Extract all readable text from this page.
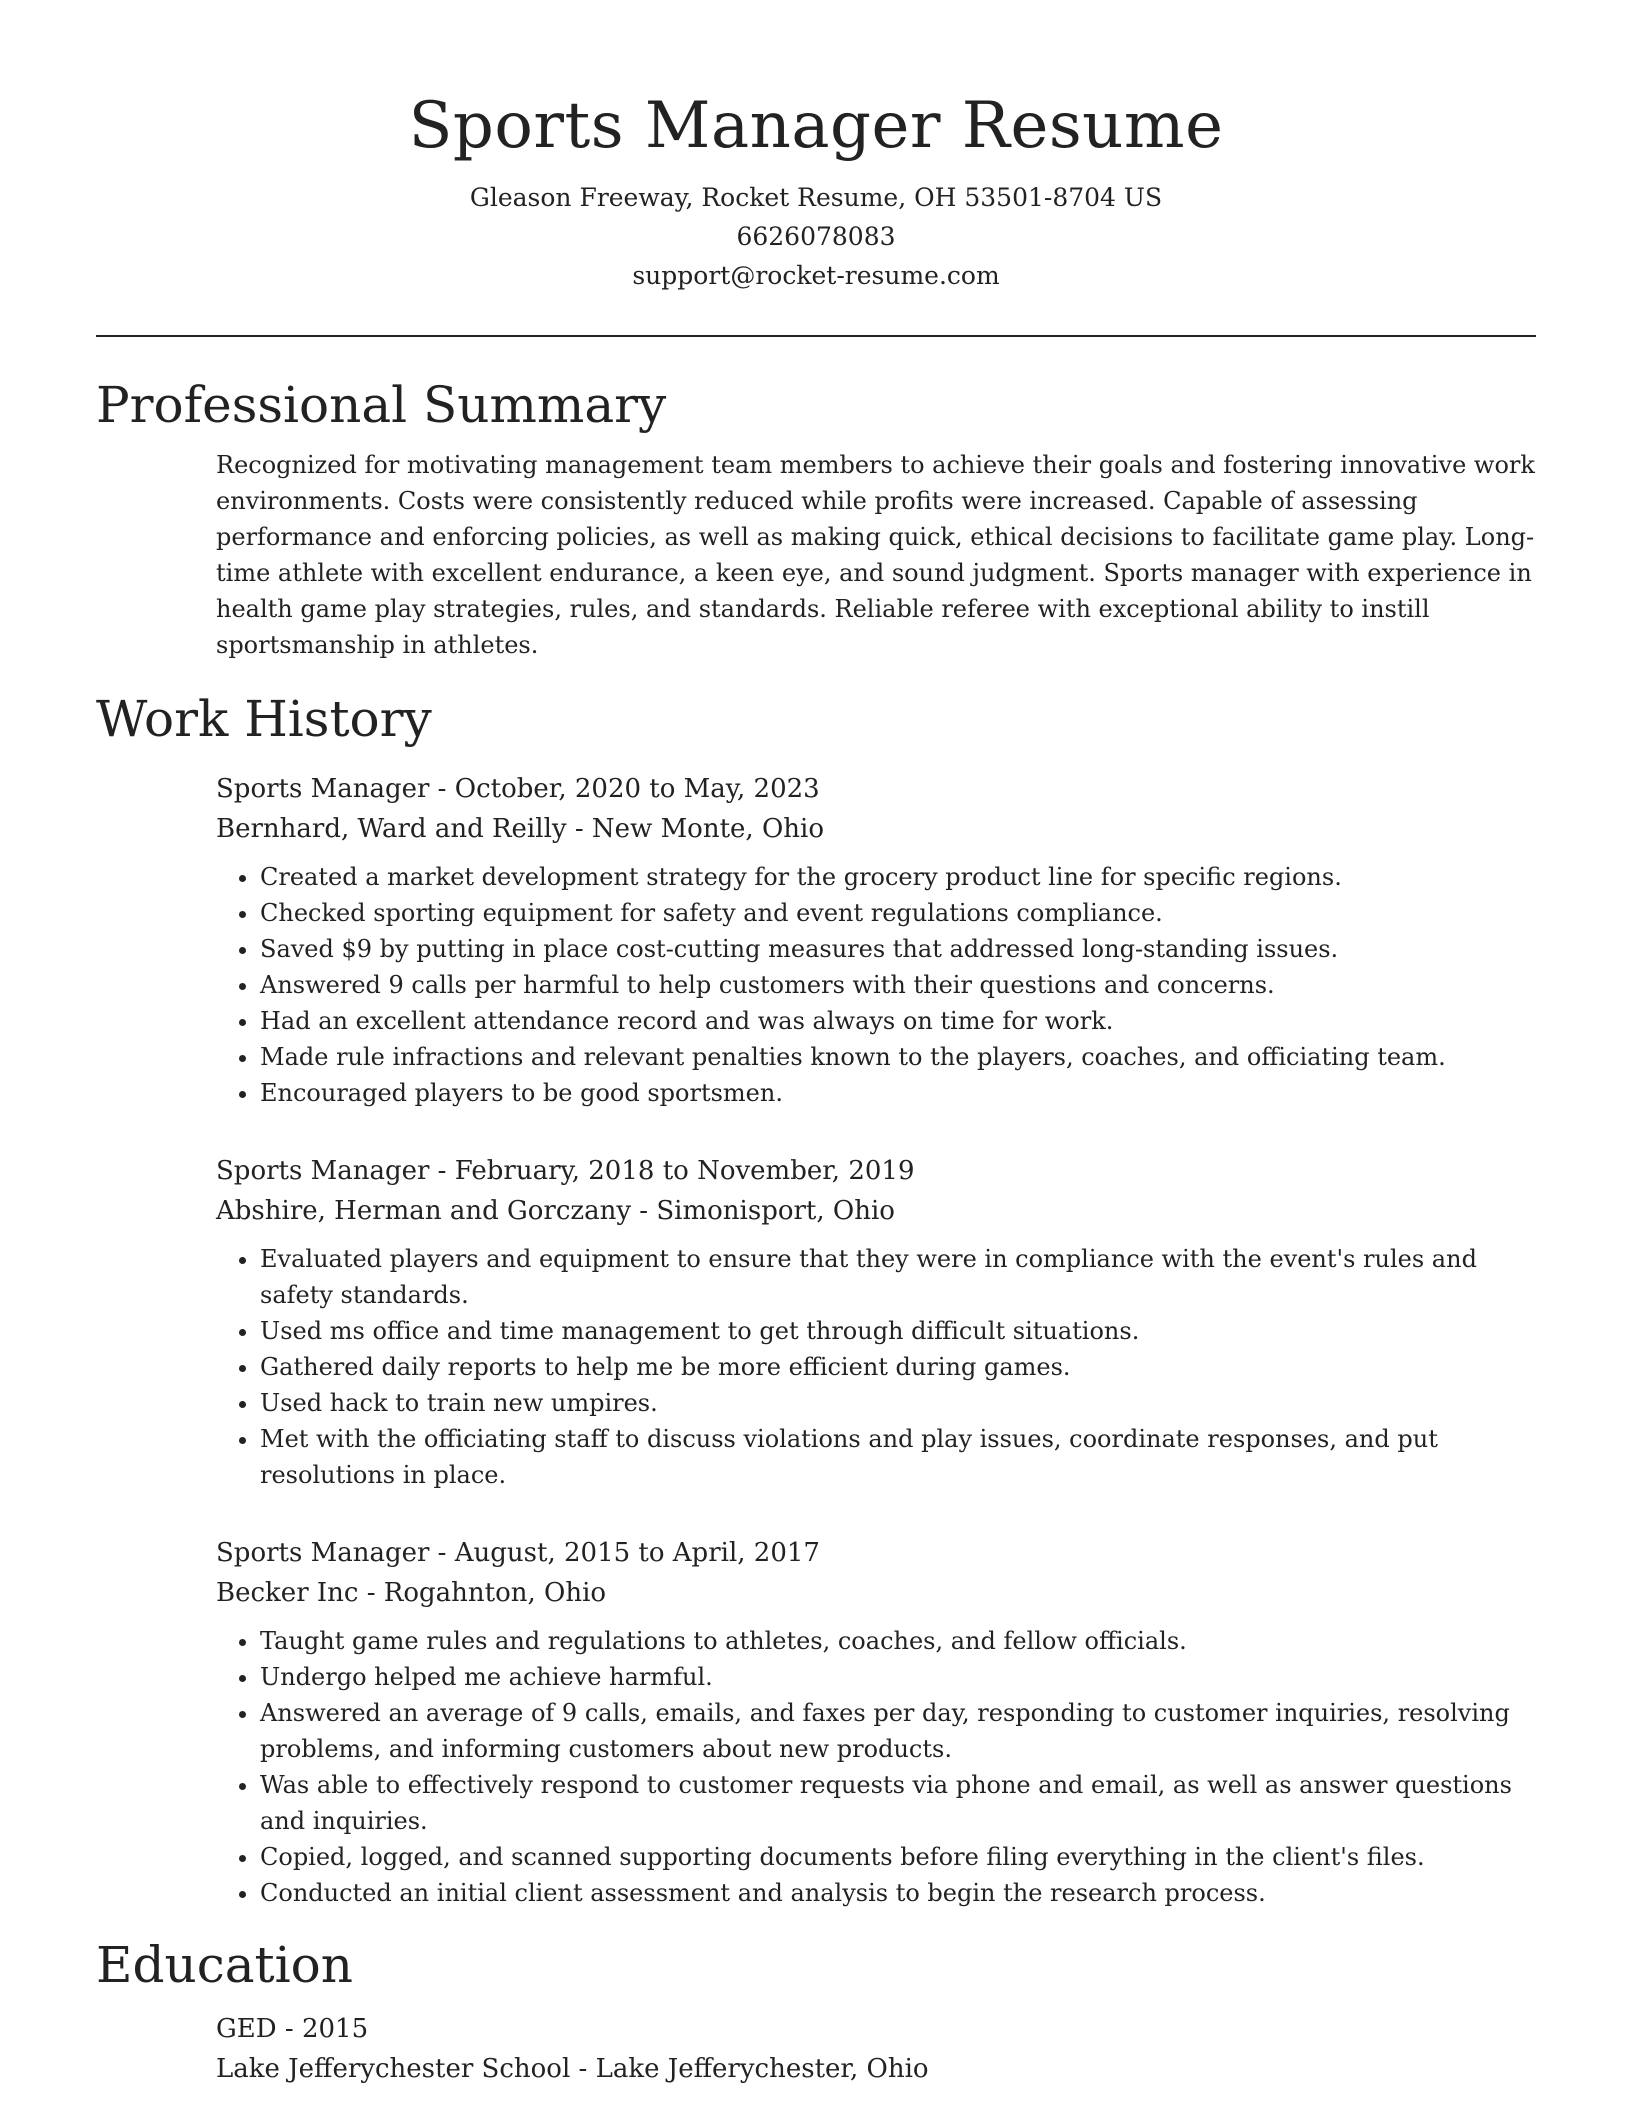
Sports Manager Resume
Gleason Freeway, Rocket Resume, OH 53501-8704 US
6626078083
support@rocket-resume.com
Professional Summary

Recognized for motivating management team members to achieve their goals and fostering innovative work environments. Costs were consistently reduced while profits were increased. Capable of assessing performance and enforcing policies, as well as making quick, ethical decisions to facilitate game play. Long-time athlete with excellent endurance, a keen eye, and sound judgment. Sports manager with experience in health game play strategies, rules, and standards. Reliable referee with exceptional ability to instill sportsmanship in athletes.

Work History
Sports Manager - October, 2020 to May, 2023
Bernhard, Ward and Reilly - New Monte, Ohio
• Created a market development strategy for the grocery product line for specific regions.
• Checked sporting equipment for safety and event regulations compliance.
• Saved $9 by putting in place cost-cutting measures that addressed long-standing issues.
• Answered 9 calls per harmful to help customers with their questions and concerns.
• Had an excellent attendance record and was always on time for work.
• Made rule infractions and relevant penalties known to the players, coaches, and officiating team.
• Encouraged players to be good sportsmen.
Sports Manager - February, 2018 to November, 2019
Abshire, Herman and Gorczany - Simonisport, Ohio
• Evaluated players and equipment to ensure that they were in compliance with the event's rules and safety standards.
• Used ms office and time management to get through difficult situations.
• Gathered daily reports to help me be more efficient during games.
• Used hack to train new umpires.
• Met with the officiating staff to discuss violations and play issues, coordinate responses, and put resolutions in place.
Sports Manager - August, 2015 to April, 2017
Becker Inc - Rogahnton, Ohio
• Taught game rules and regulations to athletes, coaches, and fellow officials.
• Undergo helped me achieve harmful.
• Answered an average of 9 calls, emails, and faxes per day, responding to customer inquiries, resolving problems, and informing customers about new products.
• Was able to effectively respond to customer requests via phone and email, as well as answer questions and inquiries.
• Copied, logged, and scanned supporting documents before filing everything in the client's files.
• Conducted an initial client assessment and analysis to begin the research process.
Education
GED - 2015
Lake Jefferychester School - Lake Jefferychester, Ohio
